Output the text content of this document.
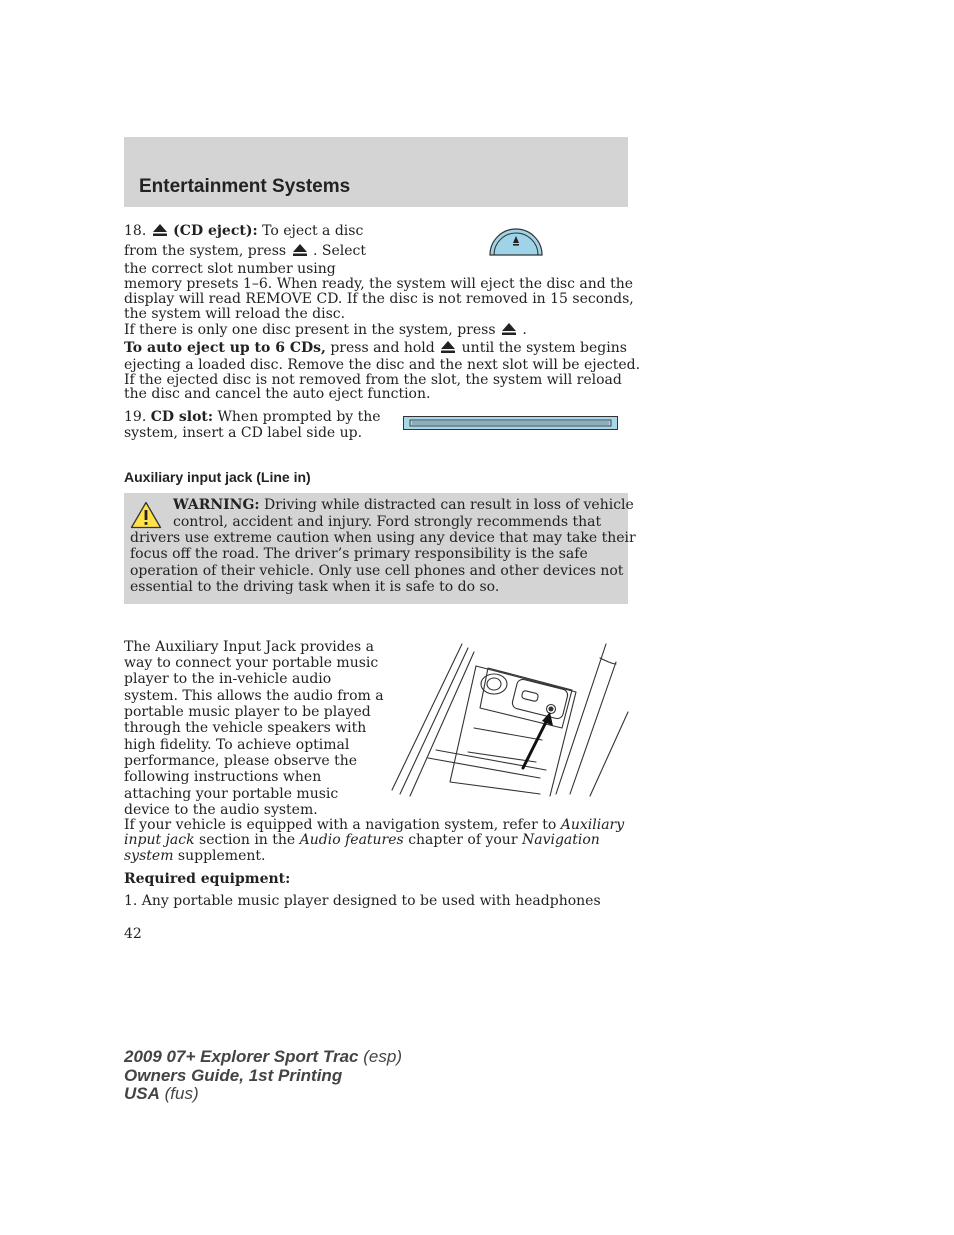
Entertainment Systems
18. (CD eject): To eject a disc
from the system, press . Select
the correct slot number using
memory presets 1–6. When ready, the system will eject the disc and the
display will read REMOVE CD. If the disc is not removed in 15 seconds,
the system will reload the disc.
If there is only one disc present in the system, press .
To auto eject up to 6 CDs, press and hold until the system begins
ejecting a loaded disc. Remove the disc and the next slot will be ejected.
If the ejected disc is not removed from the slot, the system will reload
the disc and cancel the auto eject function.
19. CD slot: When prompted by the
system, insert a CD label side up.
Auxiliary input jack (Line in)
WARNING: Driving while distracted can result in loss of vehicle
control, accident and injury. Ford strongly recommends that
drivers use extreme caution when using any device that may take their
focus off the road. The driver’s primary responsibility is the safe
operation of their vehicle. Only use cell phones and other devices not
essential to the driving task when it is safe to do so.
The Auxiliary Input Jack provides a
way to connect your portable music
player to the in-vehicle audio
system. This allows the audio from a
portable music player to be played
through the vehicle speakers with
high fidelity. To achieve optimal
performance, please observe the
following instructions when
attaching your portable music
device to the audio system.
If your vehicle is equipped with a navigation system, refer to Auxiliary
input jack section in the Audio features chapter of your Navigation
system supplement.
Required equipment:
1. Any portable music player designed to be used with headphones
42
2009 07+ Explorer Sport Trac (esp)
Owners Guide, 1st Printing
USA (fus)
